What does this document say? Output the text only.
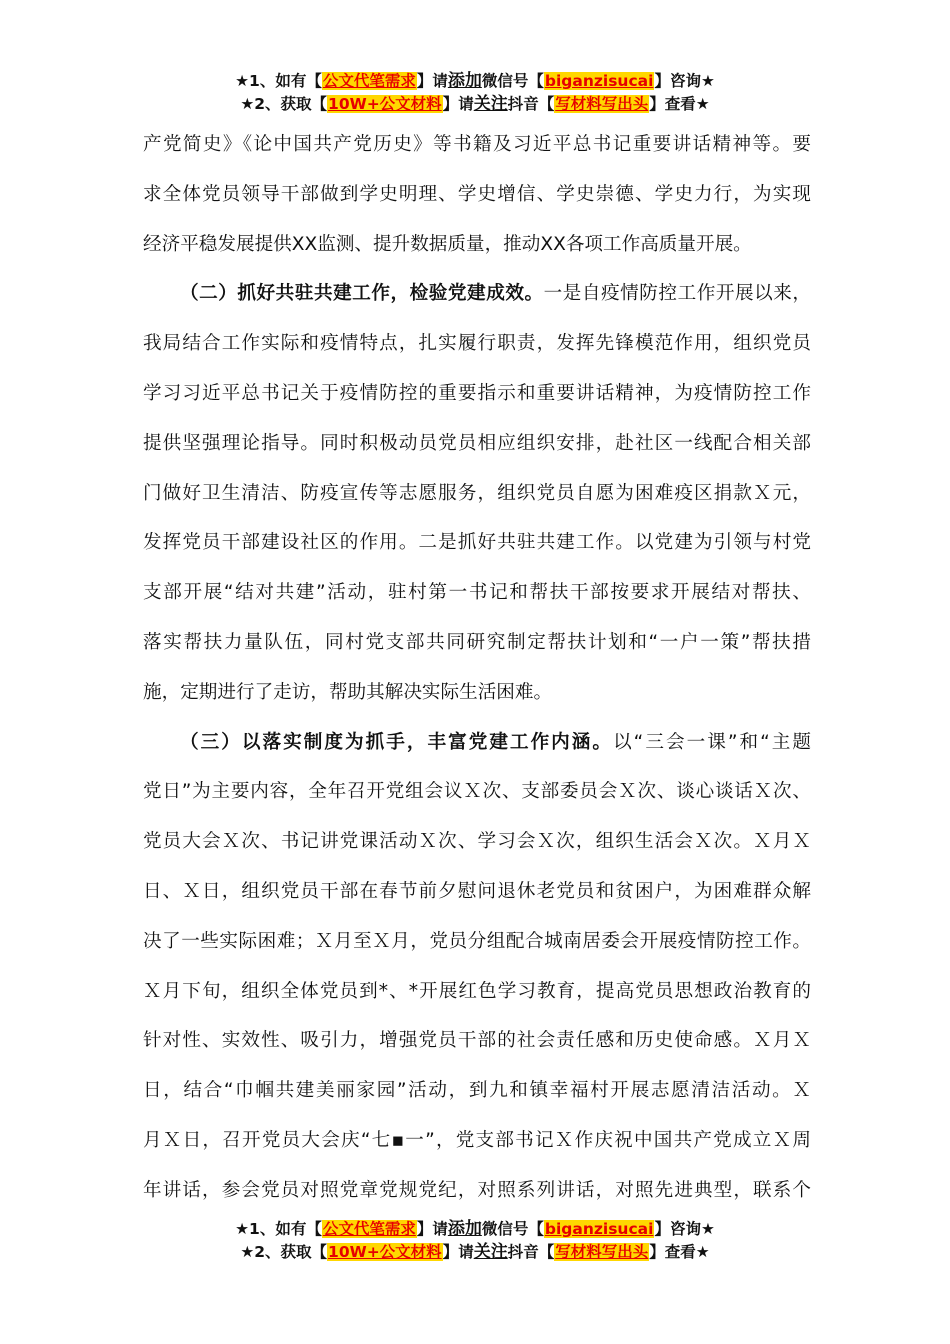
★1、如有【公文代笔需求】请添加微信号【biganzisucai】咨询★
★2、获取【10W+公文材料】请关注抖音【写材料写出头】查看★
产党简史》《论中国共产党历史》等书籍及习近平总书记重要讲话精神等。要
求全体党员领导干部做到学史明理、学史增信、学史崇德、学史力行，为实现
经济平稳发展提供XX监测、提升数据质量，推动XX各项工作高质量开展。
（二）抓好共驻共建工作，检验党建成效。一是自疫情防控工作开展以来，
我局结合工作实际和疫情特点，扎实履行职责，发挥先锋模范作用，组织党员
学习习近平总书记关于疫情防控的重要指示和重要讲话精神，为疫情防控工作
提供坚强理论指导。同时积极动员党员相应组织安排，赴社区一线配合相关部
门做好卫生清洁、防疫宣传等志愿服务，组织党员自愿为困难疫区捐款Ｘ元，
发挥党员干部建设社区的作用。二是抓好共驻共建工作。以党建为引领与村党
支部开展“结对共建”活动，驻村第一书记和帮扶干部按要求开展结对帮扶、
落实帮扶力量队伍，同村党支部共同研究制定帮扶计划和“一户一策”帮扶措
施，定期进行了走访，帮助其解决实际生活困难。
（三）以落实制度为抓手，丰富党建工作内涵。以“三会一课”和“主题
党日”为主要内容，全年召开党组会议Ｘ次、支部委员会Ｘ次、谈心谈话Ｘ次、
党员大会Ｘ次、书记讲党课活动Ｘ次、学习会Ｘ次，组织生活会Ｘ次。Ｘ月Ｘ
日、Ｘ日，组织党员干部在春节前夕慰问退休老党员和贫困户，为困难群众解
决了一些实际困难；Ｘ月至Ｘ月，党员分组配合城南居委会开展疫情防控工作。
Ｘ月下旬，组织全体党员到*、*开展红色学习教育，提高党员思想政治教育的
针对性、实效性、吸引力，增强党员干部的社会责任感和历史使命感。Ｘ月Ｘ
日，结合“巾帼共建美丽家园”活动，到九和镇幸福村开展志愿清洁活动。Ｘ
月Ｘ日，召开党员大会庆“七▪一”，党支部书记Ｘ作庆祝中国共产党成立Ｘ周
年讲话，参会党员对照党章党规党纪，对照系列讲话，对照先进典型，联系个
★1、如有【公文代笔需求】请添加微信号【biganzisucai】咨询★
★2、获取【10W+公文材料】请关注抖音【写材料写出头】查看★
